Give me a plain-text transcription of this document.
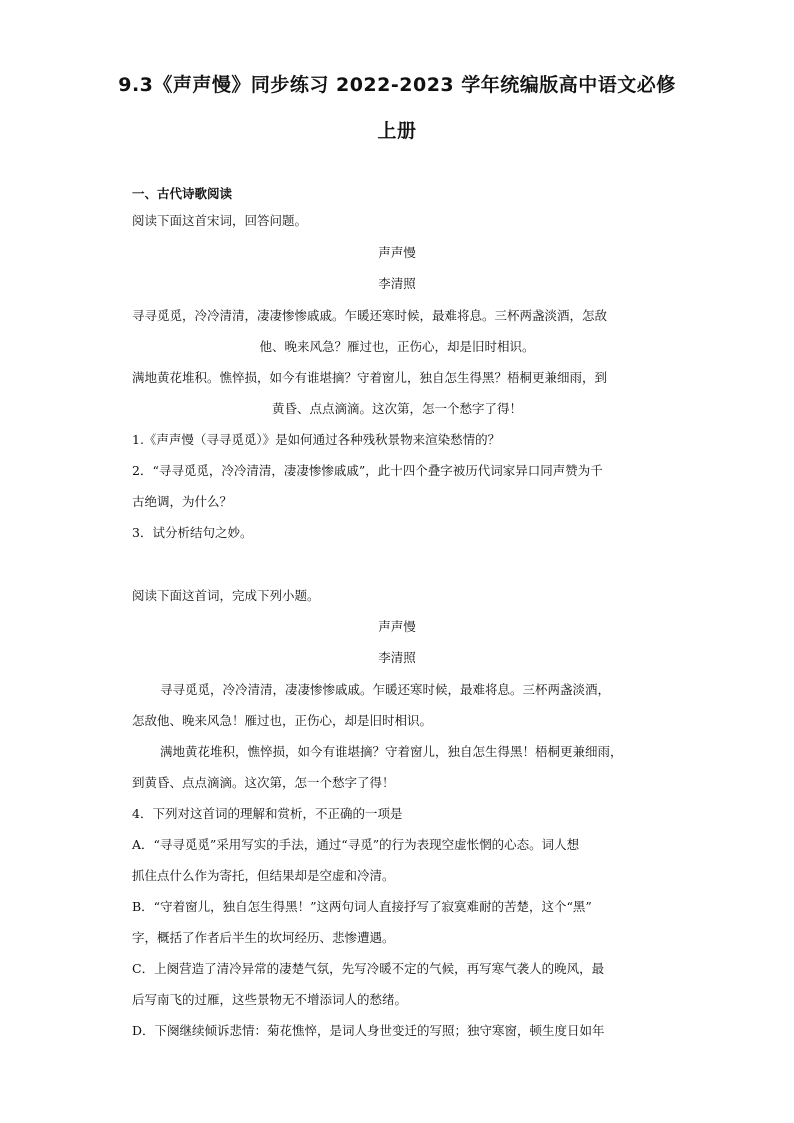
9.3《声声慢》同步练习 2022-2023 学年统编版高中语文必修
上册
一、古代诗歌阅读
阅读下面这首宋词，回答问题。
声声慢
李清照
寻寻觅觅，冷冷清清，凄凄惨惨戚戚。乍暖还寒时候，最难将息。三杯两盏淡酒，怎敌
他、晚来风急？雁过也，正伤心，却是旧时相识。
满地黄花堆积。憔悴损，如今有谁堪摘？守着窗儿，独自怎生得黑？梧桐更兼细雨，到
黄昏、点点滴滴。这次第，怎一个愁字了得！
1.《声声慢（寻寻觅觅）》是如何通过各种残秋景物来渲染愁情的？
2．“寻寻觅觅，冷冷清清，凄凄惨惨戚戚”，此十四个叠字被历代词家异口同声赞为千
古绝调，为什么？
3．试分析结句之妙。
阅读下面这首词，完成下列小题。
声声慢
李清照
寻寻觅觅，冷冷清清，凄凄惨惨戚戚。乍暖还寒时候，最难将息。三杯两盏淡酒，
怎敌他、晚来风急！雁过也，正伤心，却是旧时相识。
满地黄花堆积，憔悴损，如今有谁堪摘？守着窗儿，独自怎生得黑！梧桐更兼细雨，
到黄昏、点点滴滴。这次第，怎一个愁字了得！
4．下列对这首词的理解和赏析，不正确的一项是
A．“寻寻觅觅”采用写实的手法，通过“寻觅”的行为表现空虚怅惘的心态。词人想
抓住点什么作为寄托，但结果却是空虚和冷清。
B．“守着窗儿，独自怎生得黑！”这两句词人直接抒写了寂寞难耐的苦楚，这个“黑”
字，概括了作者后半生的坎坷经历、悲惨遭遇。
C．上阕营造了清冷异常的凄楚气氛，先写冷暖不定的气候，再写寒气袭人的晚风，最
后写南飞的过雁，这些景物无不增添词人的愁绪。
D．下阕继续倾诉悲情：菊花憔悴，是词人身世变迁的写照；独守寒窗，顿生度日如年
